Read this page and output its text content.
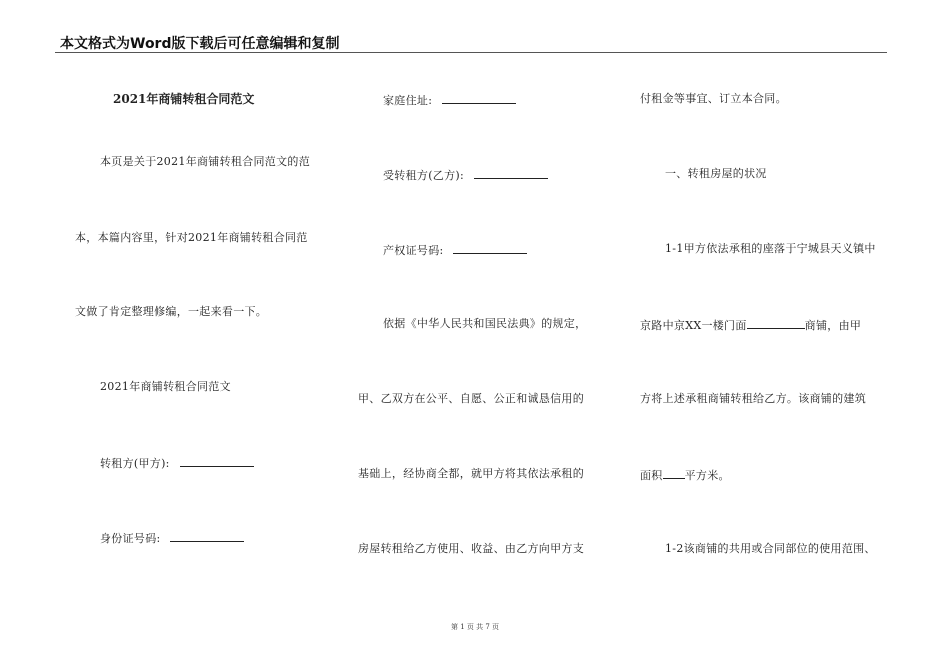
本文格式为Word版下载后可任意编辑和复制
2021年商铺转租合同范文
本页是关于2021年商铺转租合同范文的范
本，本篇内容里，针对2021年商铺转租合同范
文做了肯定整理修编，一起来看一下。
2021年商铺转租合同范文
转租方(甲方):
身份证号码:
家庭住址:
受转租方(乙方):
产权证号码:
依据《中华人民共和国民法典》的规定，
甲、乙双方在公平、自愿、公正和诚恳信用的
基础上，经协商全都，就甲方将其依法承租的
房屋转租给乙方使用、收益、由乙方向甲方支
付租金等事宜、订立本合同。
一、转租房屋的状况
1-1甲方依法承租的座落于宁城县天义镇中
京路中京XX一楼门面	商铺，由甲
方将上述承租商铺转租给乙方。该商铺的建筑
面积 平方米。
1-2该商铺的共用或合同部位的使用范围、
第 1 页 共 7 页
